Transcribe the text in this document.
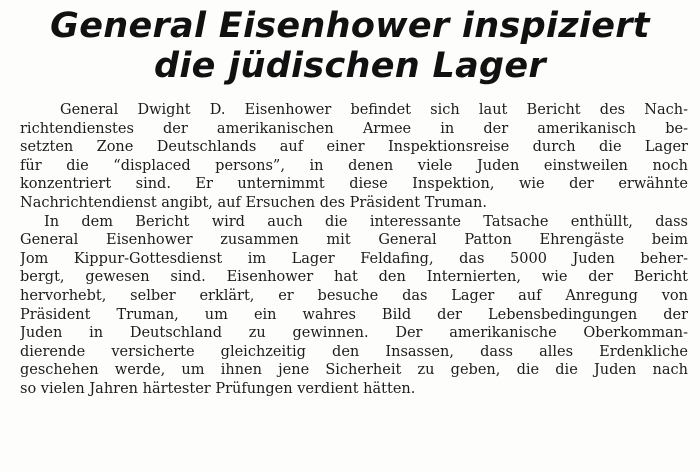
General Eisenhower inspiziert
die jüdischen Lager

General Dwight D. Eisenhower befindet sich laut Bericht des Nach-
richtendienstes der amerikanischen Armee in der amerikanisch be-
setzten Zone Deutschlands auf einer Inspektionsreise durch die Lager
für die “displaced persons”, in denen viele Juden einstweilen noch
konzentriert sind. Er unternimmt diese Inspektion, wie der erwähnte
Nachrichtendienst angibt, auf Ersuchen des Präsident Truman.

In dem Bericht wird auch die interessante Tatsache enthüllt, dass
General Eisenhower zusammen mit General Patton Ehrengäste beim
Jom Kippur-Gottesdienst im Lager Feldafing, das 5000 Juden beher-
bergt, gewesen sind. Eisenhower hat den Internierten, wie der Bericht
hervorhebt, selber erklärt, er besuche das Lager auf Anregung von
Präsident Truman, um ein wahres Bild der Lebensbedingungen der
Juden in Deutschland zu gewinnen. Der amerikanische Oberkomman-
dierende versicherte gleichzeitig den Insassen, dass alles Erdenkliche
geschehen werde, um ihnen jene Sicherheit zu geben, die die Juden nach
so vielen Jahren härtester Prüfungen verdient hätten.
